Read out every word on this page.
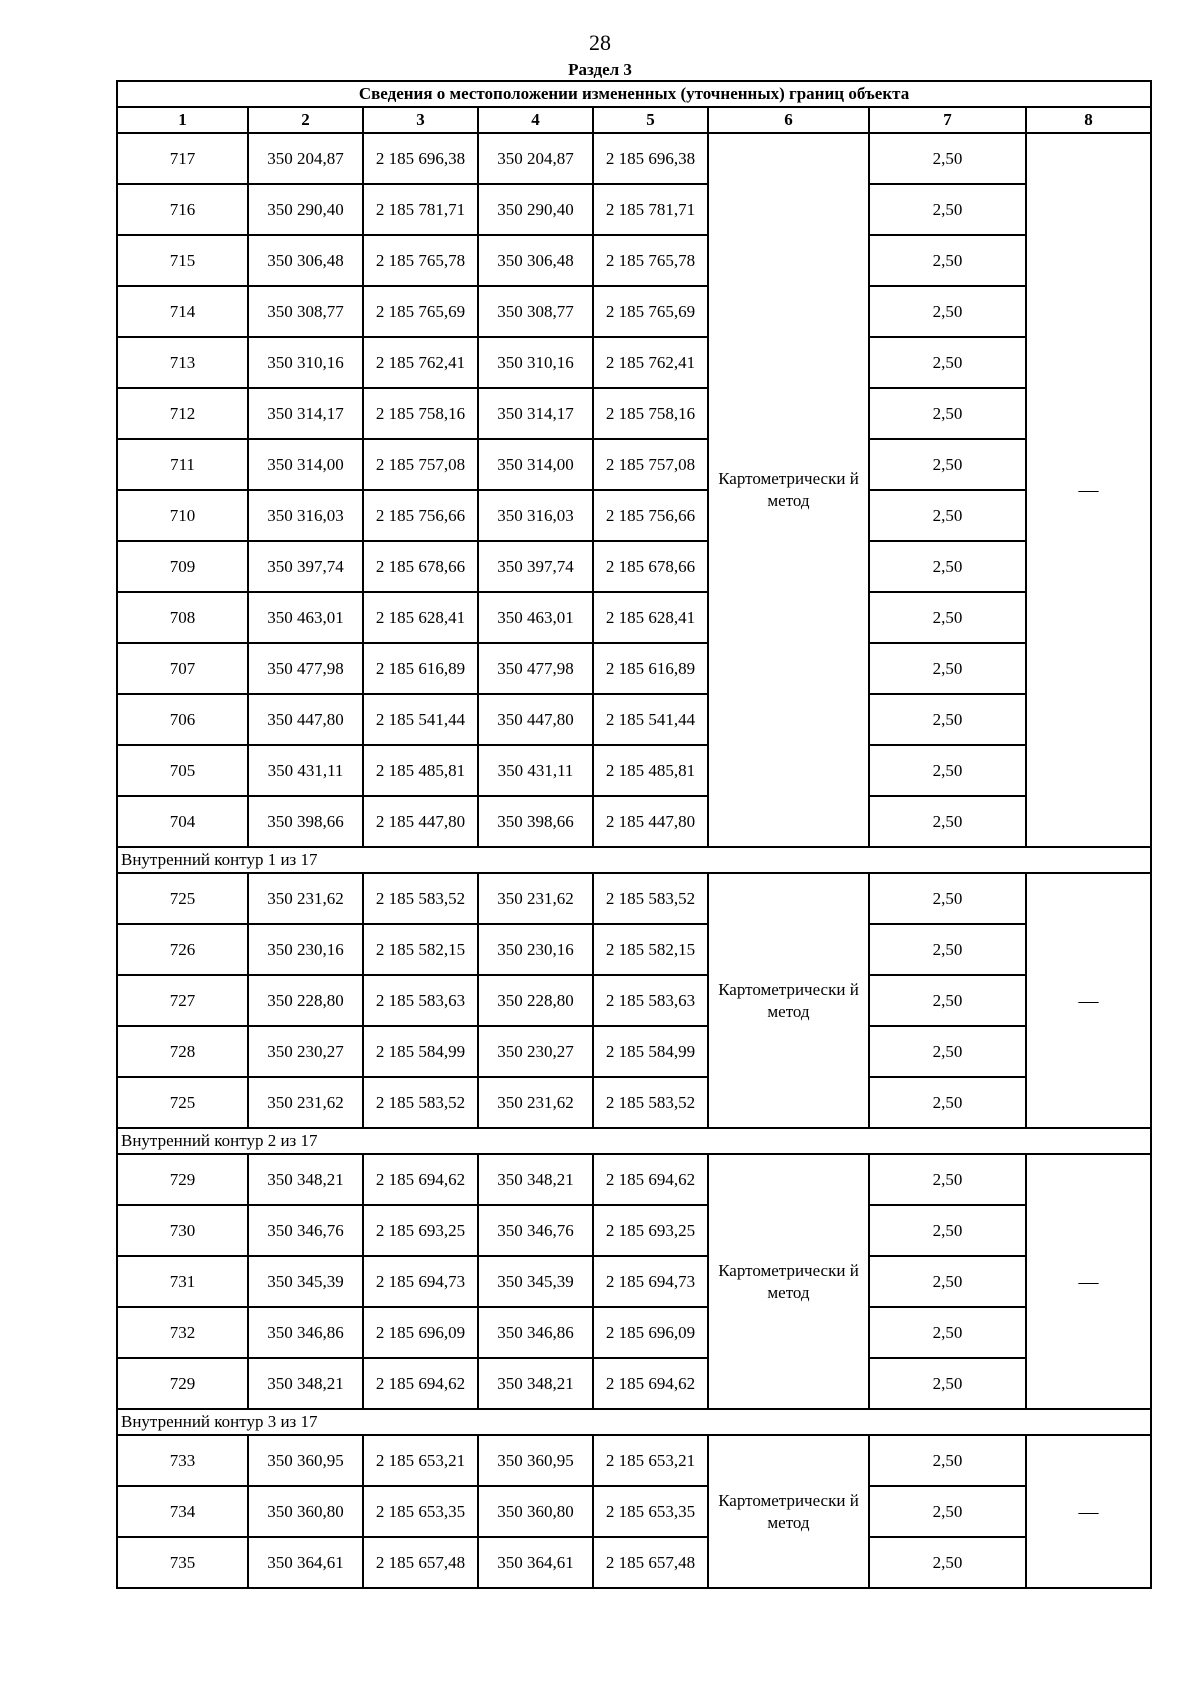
28
Раздел 3
Сведения о местоположении измененных (уточненных) границ объекта							
1	2	3	4	5	6	7	8
717	350 204,87	2 185 696,38	350 204,87	2 185 696,38	Картометрически й метод	2,50	—
716	350 290,40	2 185 781,71	350 290,40	2 185 781,71		2,50	
715	350 306,48	2 185 765,78	350 306,48	2 185 765,78		2,50	
714	350 308,77	2 185 765,69	350 308,77	2 185 765,69		2,50	
713	350 310,16	2 185 762,41	350 310,16	2 185 762,41		2,50	
712	350 314,17	2 185 758,16	350 314,17	2 185 758,16		2,50	
711	350 314,00	2 185 757,08	350 314,00	2 185 757,08		2,50	
710	350 316,03	2 185 756,66	350 316,03	2 185 756,66		2,50	
709	350 397,74	2 185 678,66	350 397,74	2 185 678,66		2,50	
708	350 463,01	2 185 628,41	350 463,01	2 185 628,41		2,50	
707	350 477,98	2 185 616,89	350 477,98	2 185 616,89		2,50	
706	350 447,80	2 185 541,44	350 447,80	2 185 541,44		2,50	
705	350 431,11	2 185 485,81	350 431,11	2 185 485,81		2,50	
704	350 398,66	2 185 447,80	350 398,66	2 185 447,80		2,50	
Внутренний контур 1 из 17							
725	350 231,62	2 185 583,52	350 231,62	2 185 583,52	Картометрически й метод	2,50	—
726	350 230,16	2 185 582,15	350 230,16	2 185 582,15		2,50	
727	350 228,80	2 185 583,63	350 228,80	2 185 583,63		2,50	
728	350 230,27	2 185 584,99	350 230,27	2 185 584,99		2,50	
725	350 231,62	2 185 583,52	350 231,62	2 185 583,52		2,50	
Внутренний контур 2 из 17							
729	350 348,21	2 185 694,62	350 348,21	2 185 694,62	Картометрически й метод	2,50	—
730	350 346,76	2 185 693,25	350 346,76	2 185 693,25		2,50	
731	350 345,39	2 185 694,73	350 345,39	2 185 694,73		2,50	
732	350 346,86	2 185 696,09	350 346,86	2 185 696,09		2,50	
729	350 348,21	2 185 694,62	350 348,21	2 185 694,62		2,50	
Внутренний контур 3 из 17							
733	350 360,95	2 185 653,21	350 360,95	2 185 653,21	Картометрически й метод	2,50	—
734	350 360,80	2 185 653,35	350 360,80	2 185 653,35		2,50	
735	350 364,61	2 185 657,48	350 364,61	2 185 657,48		2,50	
